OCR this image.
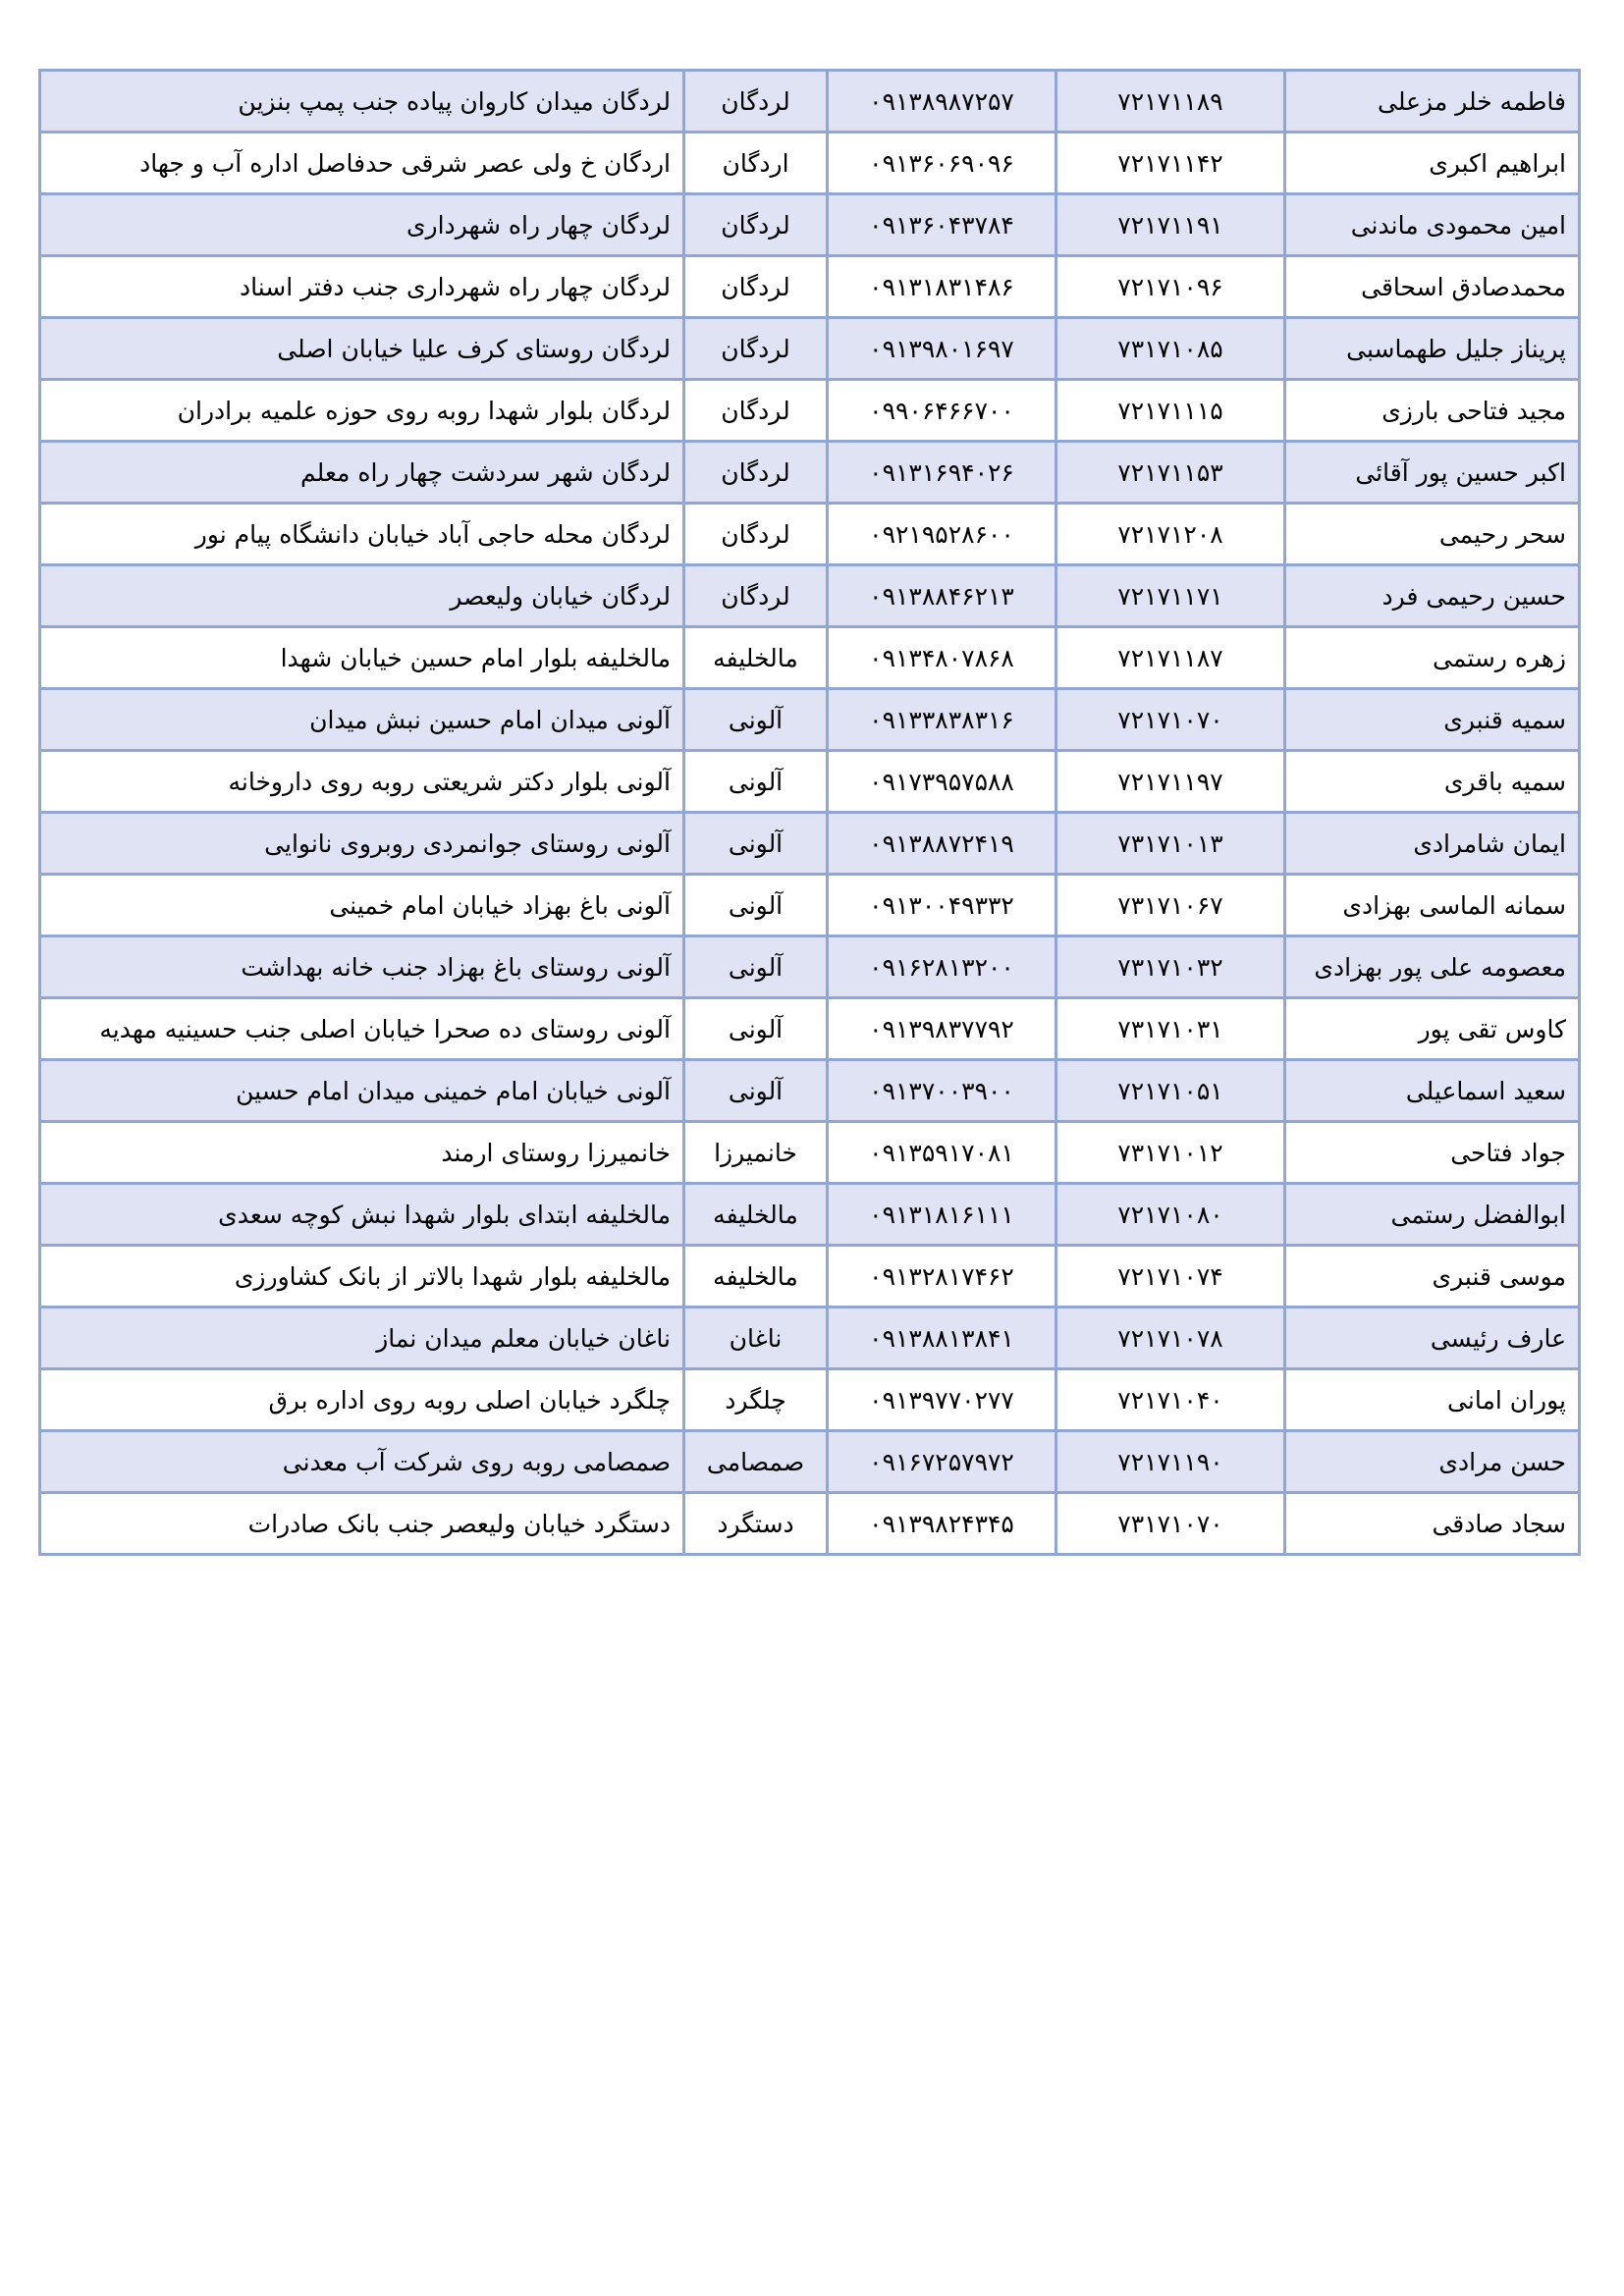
فاطمه خلر مزعلی	۷۲۱۷۱۱۸۹	۰۹۱۳۸۹۸۷۲۵۷	لردگان	لردگان میدان کاروان پیاده جنب پمپ بنزین
ابراهیم اکبری	۷۲۱۷۱۱۴۲	۰۹۱۳۶۰۶۹۰۹۶	اردگان	اردگان خ ولی عصر شرقی حدفاصل اداره آب و جهاد
امین محمودی ماندنی	۷۲۱۷۱۱۹۱	۰۹۱۳۶۰۴۳۷۸۴	لردگان	لردگان چهار راه شهرداری
محمدصادق اسحاقی	۷۲۱۷۱۰۹۶	۰۹۱۳۱۸۳۱۴۸۶	لردگان	لردگان چهار راه شهرداری جنب دفتر اسناد
پریناز جلیل طهماسبی	۷۳۱۷۱۰۸۵	۰۹۱۳۹۸۰۱۶۹۷	لردگان	لردگان روستای کرف علیا خیابان اصلی
مجید فتاحی بارزی	۷۲۱۷۱۱۱۵	۰۹۹۰۶۴۶۶۷۰۰	لردگان	لردگان بلوار شهدا روبه روی حوزه علمیه برادران
اکبر حسین پور آقائی	۷۲۱۷۱۱۵۳	۰۹۱۳۱۶۹۴۰۲۶	لردگان	لردگان شهر سردشت چهار راه معلم
سحر رحیمی	۷۲۱۷۱۲۰۸	۰۹۲۱۹۵۲۸۶۰۰	لردگان	لردگان محله حاجی آباد خیابان دانشگاه پیام نور
حسین رحیمی فرد	۷۲۱۷۱۱۷۱	۰۹۱۳۸۸۴۶۲۱۳	لردگان	لردگان خیابان ولیعصر
زهره رستمی	۷۲۱۷۱۱۸۷	۰۹۱۳۴۸۰۷۸۶۸	مالخلیفه	مالخلیفه بلوار امام حسین خیابان شهدا
سمیه قنبری	۷۲۱۷۱۰۷۰	۰۹۱۳۳۸۳۸۳۱۶	آلونی	آلونی میدان امام حسین نبش میدان
سمیه باقری	۷۲۱۷۱۱۹۷	۰۹۱۷۳۹۵۷۵۸۸	آلونی	آلونی بلوار دکتر شریعتی روبه روی داروخانه
ایمان شامرادی	۷۳۱۷۱۰۱۳	۰۹۱۳۸۸۷۲۴۱۹	آلونی	آلونی روستای جوانمردی روبروی نانوایی
سمانه الماسی بهزادی	۷۳۱۷۱۰۶۷	۰۹۱۳۰۰۴۹۳۳۲	آلونی	آلونی باغ بهزاد خیابان امام خمینی
معصومه علی پور بهزادی	۷۳۱۷۱۰۳۲	۰۹۱۶۲۸۱۳۲۰۰	آلونی	آلونی روستای باغ بهزاد جنب خانه بهداشت
کاوس تقی پور	۷۳۱۷۱۰۳۱	۰۹۱۳۹۸۳۷۷۹۲	آلونی	آلونی روستای ده صحرا خیابان اصلی جنب حسینیه مهدیه
سعید اسماعیلی	۷۲۱۷۱۰۵۱	۰۹۱۳۷۰۰۳۹۰۰	آلونی	آلونی خیابان امام خمینی میدان امام حسین
جواد فتاحی	۷۳۱۷۱۰۱۲	۰۹۱۳۵۹۱۷۰۸۱	خانمیرزا	خانمیرزا روستای ارمند
ابوالفضل رستمی	۷۲۱۷۱۰۸۰	۰۹۱۳۱۸۱۶۱۱۱	مالخلیفه	مالخلیفه ابتدای بلوار شهدا نبش کوچه سعدی
موسی قنبری	۷۲۱۷۱۰۷۴	۰۹۱۳۲۸۱۷۴۶۲	مالخلیفه	مالخلیفه بلوار شهدا بالاتر از بانک کشاورزی
عارف رئیسی	۷۲۱۷۱۰۷۸	۰۹۱۳۸۸۱۳۸۴۱	ناغان	ناغان خیابان معلم میدان نماز
پوران امانی	۷۲۱۷۱۰۴۰	۰۹۱۳۹۷۷۰۲۷۷	چلگرد	چلگرد خیابان اصلی روبه روی اداره برق
حسن مرادی	۷۲۱۷۱۱۹۰	۰۹۱۶۷۲۵۷۹۷۲	صمصامی	صمصامی روبه روی شرکت آب معدنی
سجاد صادقی	۷۳۱۷۱۰۷۰	۰۹۱۳۹۸۲۴۳۴۵	دستگرد	دستگرد خیابان ولیعصر جنب بانک صادرات
